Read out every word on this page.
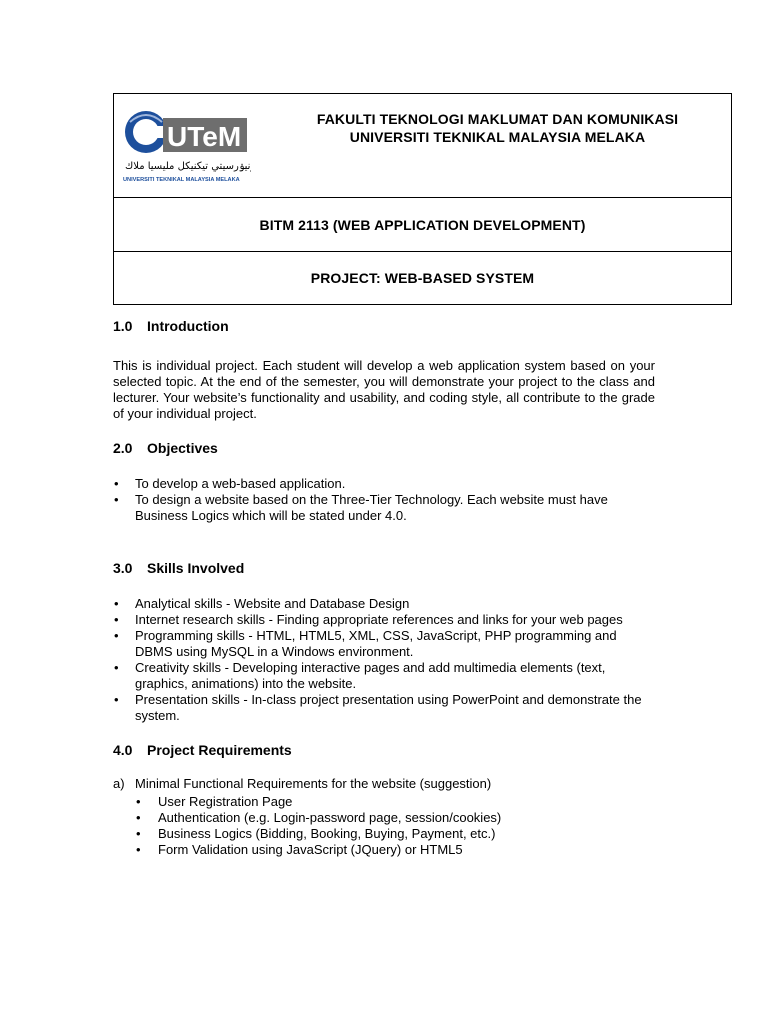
UTeM
اونيۏرسيتي تيكنيكل مليسيا ملاك
UNIVERSITI TEKNIKAL MALAYSIA MELAKA
FAKULTI TEKNOLOGI MAKLUMAT DAN KOMUNIKASI
UNIVERSITI TEKNIKAL MALAYSIA MELAKA
BITM 2113 (WEB APPLICATION DEVELOPMENT)
PROJECT: WEB-BASED SYSTEM
1.0 Introduction

This is individual project. Each student will develop a web application system based on your selected topic. At the end of the semester, you will demonstrate your project to the class and lecturer. Your website’s functionality and usability, and coding style, all contribute to the grade of your individual project.

2.0 Objectives
• To develop a web-based application.
• To design a website based on the Three-Tier Technology. Each website must have Business Logics which will be stated under 4.0.
3.0 Skills Involved
• Analytical skills - Website and Database Design
• Internet research skills - Finding appropriate references and links for your web pages
• Programming skills - HTML, HTML5, XML, CSS, JavaScript, PHP programming and DBMS using MySQL in a Windows environment.
• Creativity skills - Developing interactive pages and add multimedia elements (text, graphics, animations) into the website.
• Presentation skills - In-class project presentation using PowerPoint and demonstrate the system.
4.0 Project Requirements
a) Minimal Functional Requirements for the website (suggestion)
• User Registration Page
• Authentication (e.g. Login-password page, session/cookies)
• Business Logics (Bidding, Booking, Buying, Payment, etc.)
• Form Validation using JavaScript (JQuery) or HTML5
